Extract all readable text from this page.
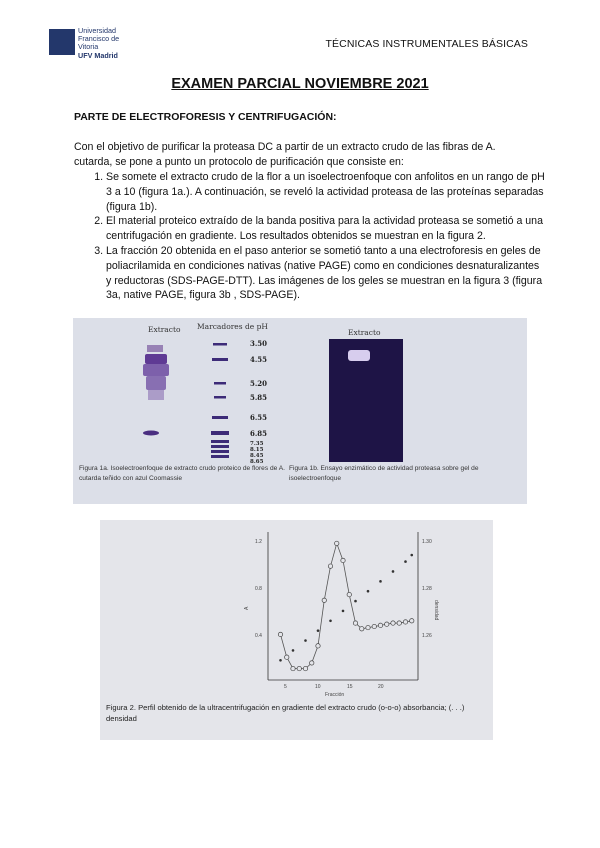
Universidad
Francisco de Vitoria
UFV Madrid
TÉCNICAS INSTRUMENTALES BÁSICAS
EXAMEN PARCIAL NOVIEMBRE 2021
PARTE DE ELECTROFORESIS Y CENTRIFUGACIÓN:
Con el objetivo de purificar la proteasa DC a partir de un extracto crudo de las fibras de A. cutarda, se pone a punto un protocolo de purificación que consiste en:
1. Se somete el extracto crudo de la flor a un isoelectroenfoque con anfolitos en un rango de pH 3 a 10 (figura 1a.). A continuación, se reveló la actividad proteasa de las proteínas separadas (figura 1b).
2. El material proteico extraído de la banda positiva para la actividad proteasa se sometió a una centrifugación en gradiente. Los resultados obtenidos se muestran en la figura 2.
3. La fracción 20 obtenida en el paso anterior se sometió tanto a una electroforesis en geles de poliacrilamida en condiciones nativas (native PAGE) como en condiciones desnaturalizantes y reductoras (SDS-PAGE-DTT). Las imágenes de los geles se muestran en la figura 3 (figura 3a, native PAGE, figura 3b , SDS-PAGE).
Extracto Marcadores de pH
3.50
4.55
5.20
5.85
6.55
6.85
7.35
8.15
8.45
8.65
Figura 1a. Isoelectroenfoque de extracto crudo proteico de flores de A. cutarda teñido con azul Coomassie
Extracto
Figura 1b. Ensayo enzimático de actividad proteasa sobre gel de isoelectroenfoque
A	densidad
Fracción
1.2
0.8
0.4
1.30
1.28
1.26
5	10	15	20
Figura 2. Perfil obtenido de la ultracentrifugación en gradiente del extracto crudo (o-o-o) absorbancia; (. . .) densidad
